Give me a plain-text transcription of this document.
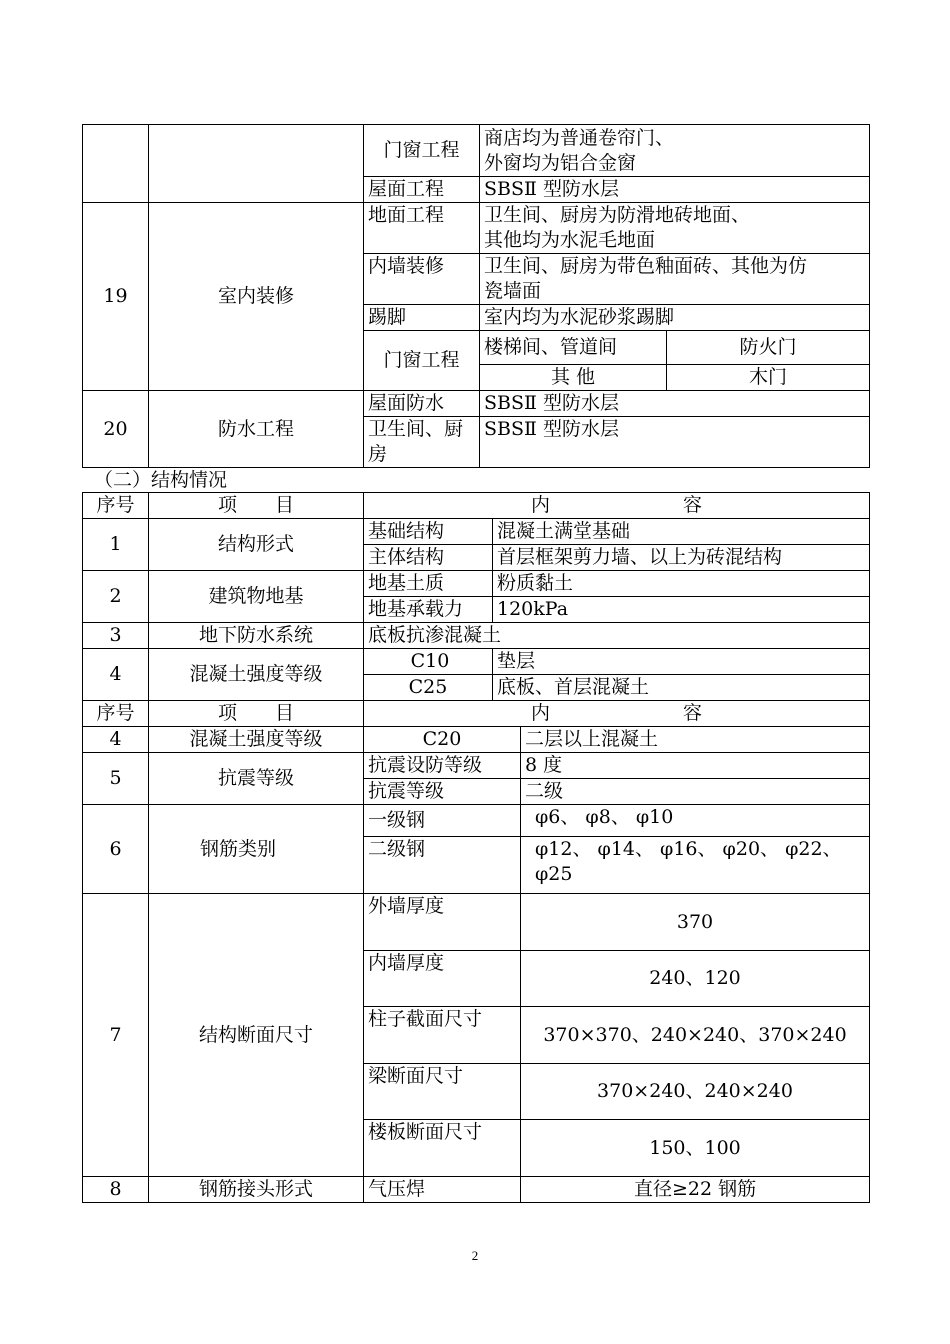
		门窗工程	商店均为普通卷帘门、
外窗均为铝合金窗	

		屋面工程	SBSⅡ 型防水层	
19	室内装修	地面工程	卫生间、厨房为防滑地砖地面、
其他均为水泥毛地面	

		内墙装修	卫生间、厨房为带色釉面砖、其他为仿
瓷墙面	

		踢脚	室内均为水泥砂浆踢脚	
		门窗工程	楼梯间、管道间	防火门
			其 他	木门
20	防水工程	屋面防水	SBSⅡ 型防水层	

		卫生间、厨
房	SBSⅡ 型防水层	
（二）结构情况
序号	项　　目	内　　　　　　　容		
1	结构形式	基础结构	混凝土满堂基础	
		主体结构	首层框架剪力墙、以上为砖混结构	
2	建筑物地基	地基土质	粉质黏土	
		地基承载力	120kPa	
3	地下防水系统	底板抗渗混凝土		
4	混凝土强度等级	C10	垫层	
		C25	底板、首层混凝土	
序号	项　　目	内　　　　　　　容		
4	混凝土强度等级	C20		二层以上混凝土
5	抗震等级	抗震设防等级		8 度
		抗震等级		二级
6	钢筋类别	一级钢		φ6、 φ8、 φ10
		二级钢		φ12、 φ14、 φ16、 φ20、 φ22、
φ25

7	结构断面尺寸	外墙厚度		370
		内墙厚度		240、120
		柱子截面尺寸		370×370、240×240、370×240
		梁断面尺寸		370×240、240×240
		楼板断面尺寸		150、100
8	钢筋接头形式	气压焊		直径≥22 钢筋
2
